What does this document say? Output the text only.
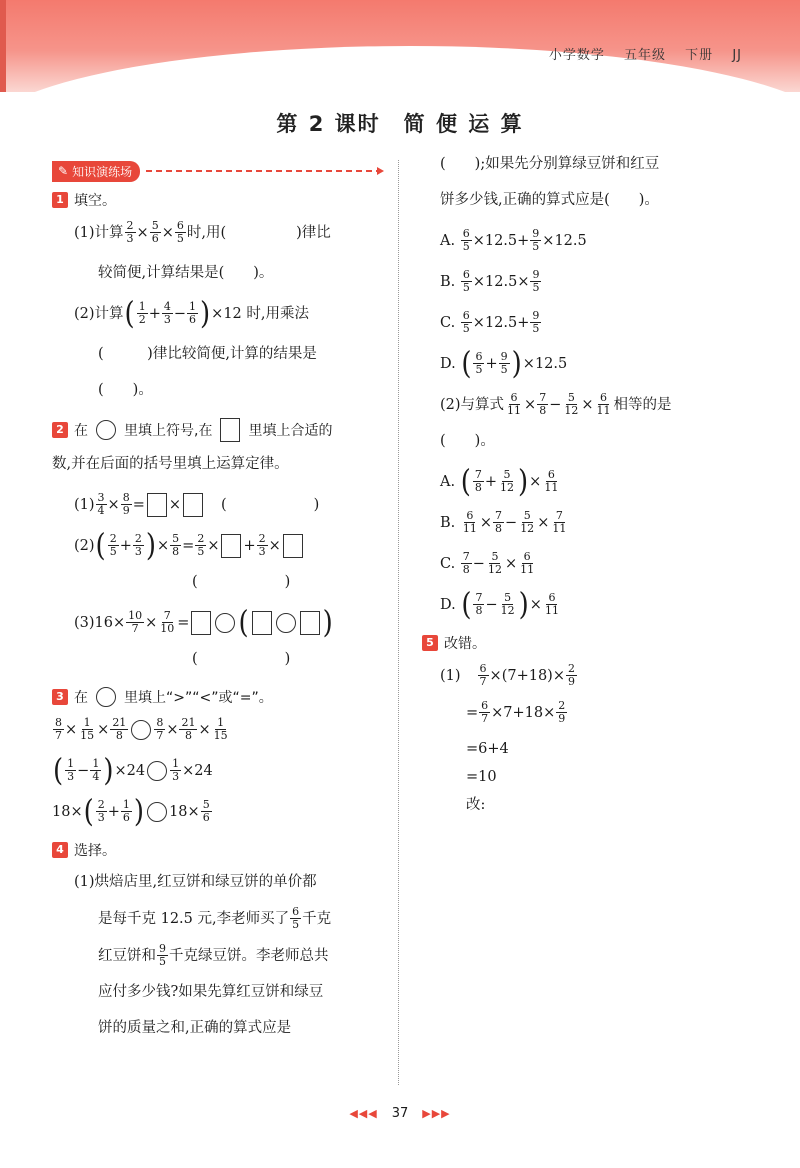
小学数学 五年级 下册 JJ
第 2 课时　简 便 运 算
✎ 知识演练场
1 填空。
(1)计算 $\frac{2}{3} \times \frac{5}{6} \times \frac{6}{5}$ 时,用(	)律比
较简便,计算结果是(　　)。
(2)计算 ( $\frac{1}{2} + \frac{4}{3} - \frac{1}{6}$ ) ×12 时,用乘法
(　　　)律比较简便,计算的结果是
(　　)。
2 在	里填上符号,在	里填上合适的
数,并在后面的括号里填上运算定律。
$(1) \frac{3}{4} \times \frac{8}{9}$ =
×	(　　　　　　)
(2) ( $\frac{2}{5} + \frac{2}{3}$ ) × $\frac{5}{8} = \frac{2}{5}$ ×
+ $\frac{2}{3}$ ×
(　　　　　　)
$(3)16\times \frac{10}{7} \times \frac{7}{10}$ = (	)
(　　　　　　)
3 在	里填上“>”“<”或“=”。
$\frac{8}{7} \times \frac{1}{15} \times \frac{21}{8} \frac{8}{7} \times \frac{21}{8} \times \frac{1}{15}$
( $\frac{1}{3} - \frac{1}{4}$ ) $\times 24 \frac{1}{3} \times 24$
18× ( $\frac{2}{3} + \frac{1}{6}$ ) $18\times \frac{5}{6}$
4 选择。
(1)烘焙店里,红豆饼和绿豆饼的单价都
是每千克 12.5 元,李老师买了 $\frac{6}{5}$ 千克
红豆饼和 $\frac{9}{5}$ 千克绿豆饼。李老师总共
应付多少钱?如果先算红豆饼和绿豆
饼的质量之和,正确的算式应是
(　　);如果先分别算绿豆饼和红豆
饼多少钱,正确的算式应是(　　)。
A.
$\frac{6}{5} \times 12.5 + \frac{9}{5} \times 12.5$
B.
$\frac{6}{5} \times 12.5 \times \frac{9}{5}$
C.
$\frac{6}{5} \times 12.5 + \frac{9}{5}$
D.
( $\frac{6}{5} + \frac{9}{5}$ ) ×12.5
(2)与算式 $\frac{6}{11} \times \frac{7}{8} - \frac{5}{12} \times \frac{6}{11}$ 相等的是
(　　)。
A.
( $\frac{7}{8} + \frac{5}{12}$ ) × $\frac{6}{11}$
B.
$\frac{6}{11} \times \frac{7}{8} - \frac{5}{12} \times \frac{7}{11}$
C.
$\frac{7}{8} - \frac{5}{12} \times \frac{6}{11}$
D.
( $\frac{7}{8} - \frac{5}{12}$ ) × $\frac{6}{11}$
5 改错。
$(1) \frac{6}{7} \times(7+18)\times \frac{2}{9}$
= $\frac{6}{7} \times 7+18\times \frac{2}{9}$
=6+4
=10
改:
◀◀◀ 37 ▶▶▶
